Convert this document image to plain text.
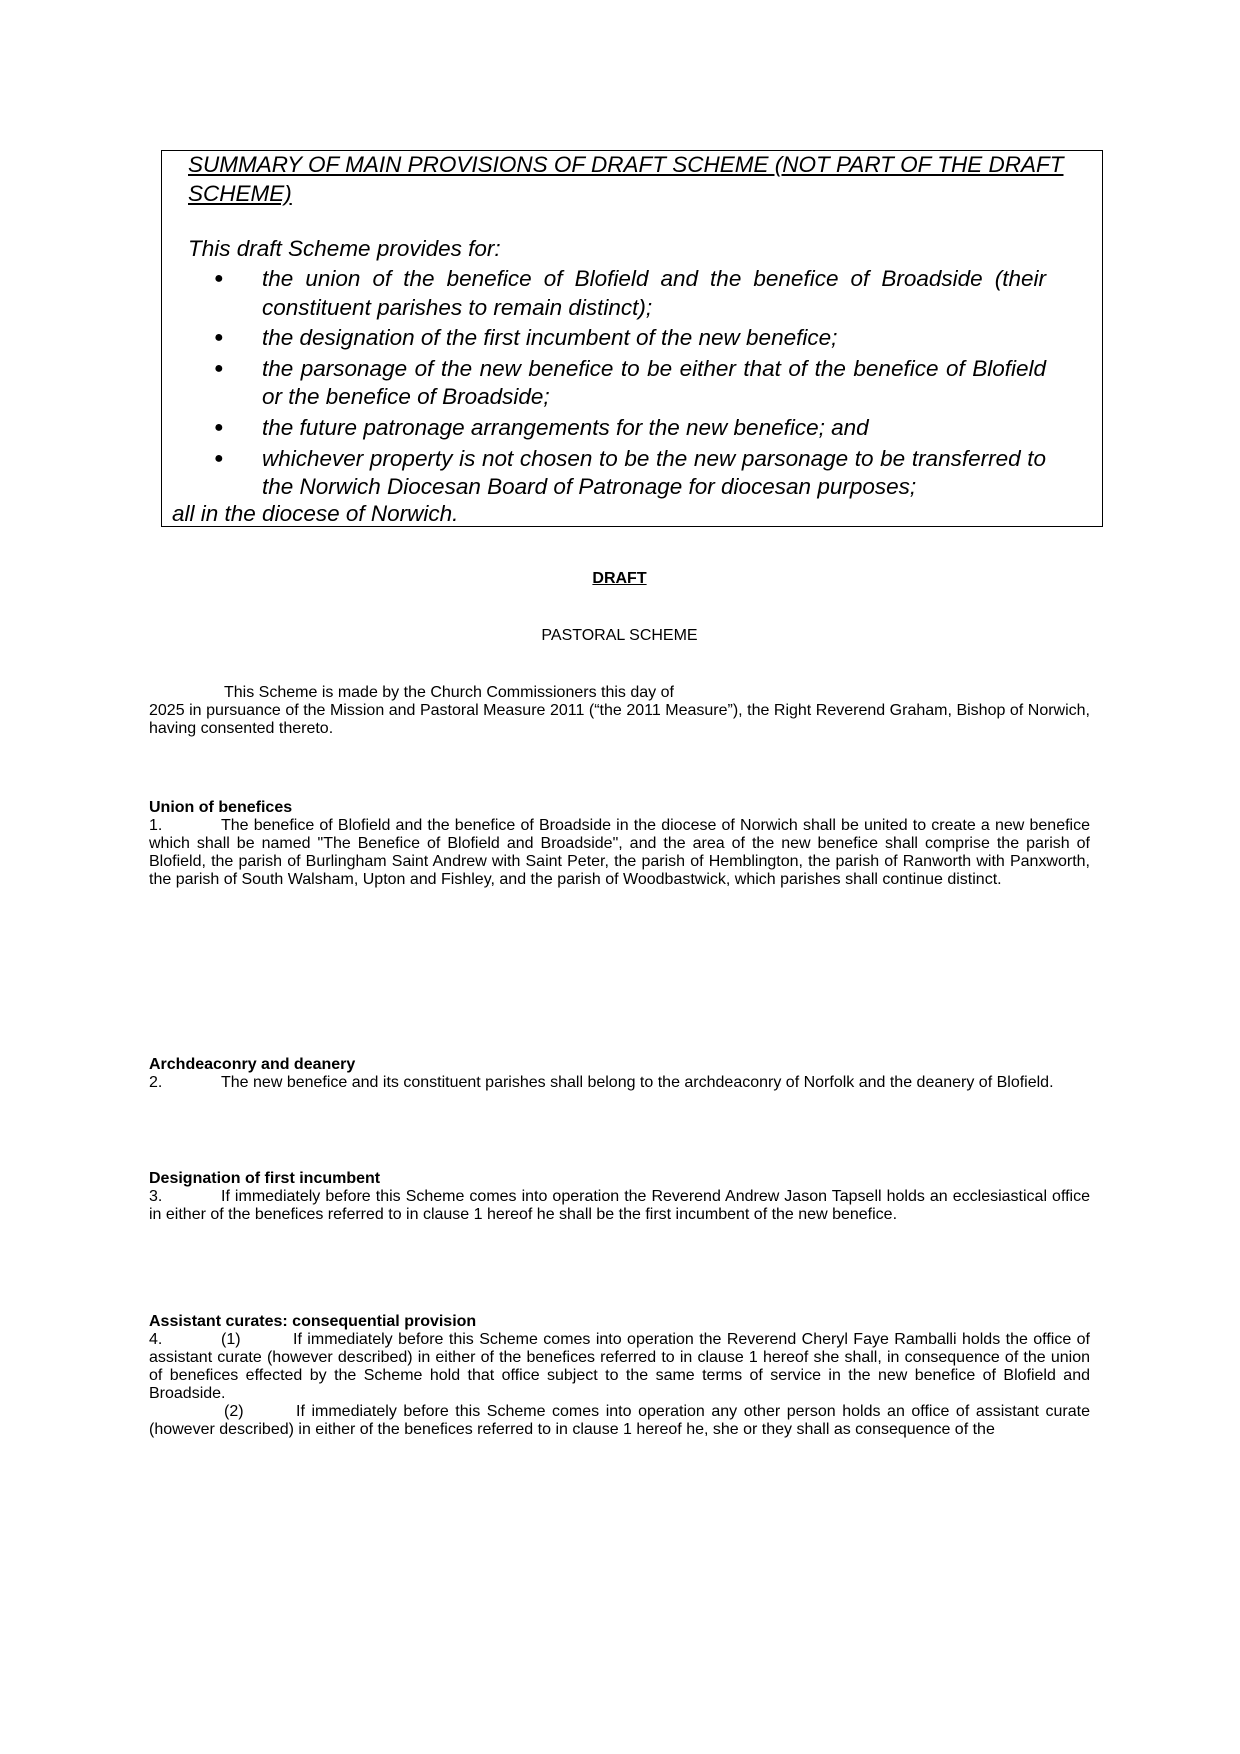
SUMMARY OF MAIN PROVISIONS OF DRAFT SCHEME (NOT PART OF THE DRAFT SCHEME)
This draft Scheme provides for:
● the union of the benefice of Blofield and the benefice of Broadside (their constituent parishes to remain distinct);
● the designation of the first incumbent of the new benefice;
● the parsonage of the new benefice to be either that of the benefice of Blofield or the benefice of Broadside;
● the future patronage arrangements for the new benefice; and
● whichever property is not chosen to be the new parsonage to be transferred to the Norwich Diocesan Board of Patronage for diocesan purposes;
all in the diocese of Norwich.
DRAFT
PASTORAL SCHEME
This Scheme is made by the Church Commissioners this day of
2025 in pursuance of the Mission and Pastoral Measure 2011 (“the 2011 Measure”), the Right Reverend Graham, Bishop of Norwich, having consented thereto.
Union of benefices
1.	The benefice of Blofield and the benefice of Broadside in the diocese of Norwich shall be united to create a new benefice which shall be named "The Benefice of Blofield and Broadside", and the area of the new benefice shall comprise the parish of Blofield, the parish of Burlingham Saint Andrew with Saint Peter, the parish of Hemblington, the parish of Ranworth with Panxworth, the parish of South Walsham, Upton and Fishley, and the parish of Woodbastwick, which parishes shall continue distinct.
Archdeaconry and deanery
2.	The new benefice and its constituent parishes shall belong to the archdeaconry of Norfolk and the deanery of Blofield.
Designation of first incumbent
3.	If immediately before this Scheme comes into operation the Reverend Andrew Jason Tapsell holds an ecclesiastical office in either of the benefices referred to in clause 1 hereof he shall be the first incumbent of the new benefice.
Assistant curates: consequential provision
4.	(1)	If immediately before this Scheme comes into operation the Reverend Cheryl Faye Ramballi holds the office of assistant curate (however described) in either of the benefices referred to in clause 1 hereof she shall, in consequence of the union of benefices effected by the Scheme hold that office subject to the same terms of service in the new benefice of Blofield and Broadside.
(2)	If immediately before this Scheme comes into operation any other person holds an office of assistant curate (however described) in either of the benefices referred to in clause 1 hereof he, she or they shall as consequence of the
